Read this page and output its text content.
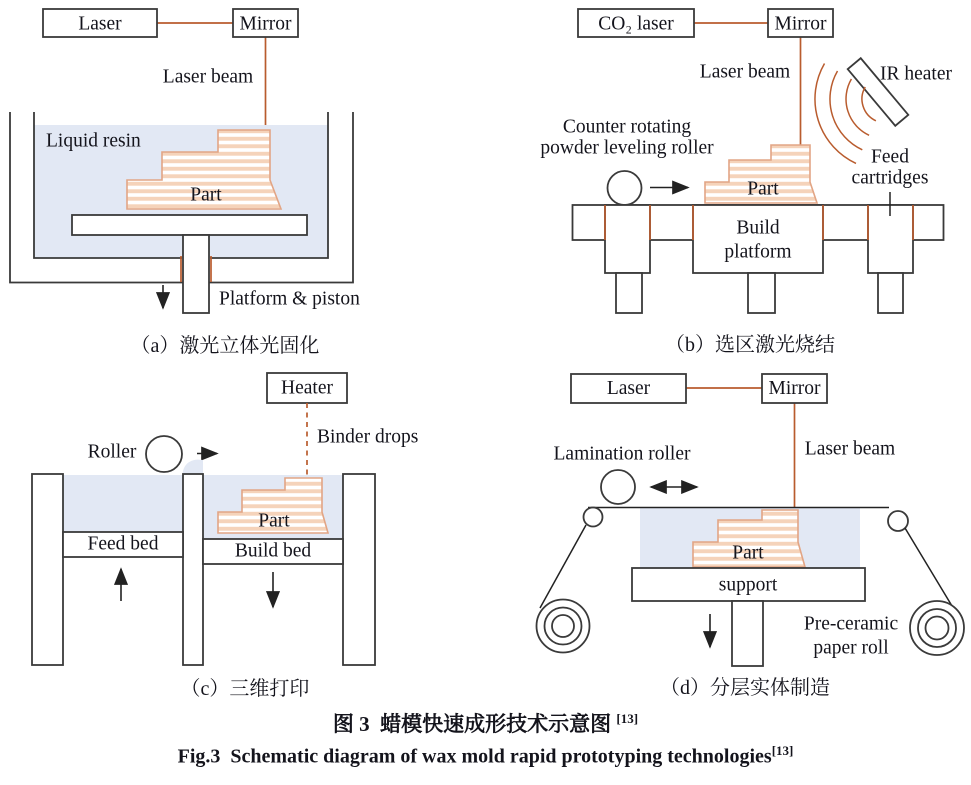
Laser	Mirror
Laser beam
Liquid resin
Part
Platform & piston
（a）激光立体光固化
CO₂ laser	Mirror
Laser beam	IR heater
Counter rotating
powder leveling roller
Part
Build
platform
Feed
cartridges
（b）选区激光烧结
Heater
Binder drops
Roller
Part
Feed bed	Build bed
（c）三维打印
Laser	Mirror
Laser beam
Lamination roller
Part
support
Pre-ceramic
paper roll
（d）分层实体制造
图 3  蜡模快速成形技术示意图 [13]
Fig.3  Schematic diagram of wax mold rapid prototyping technologies[13]
